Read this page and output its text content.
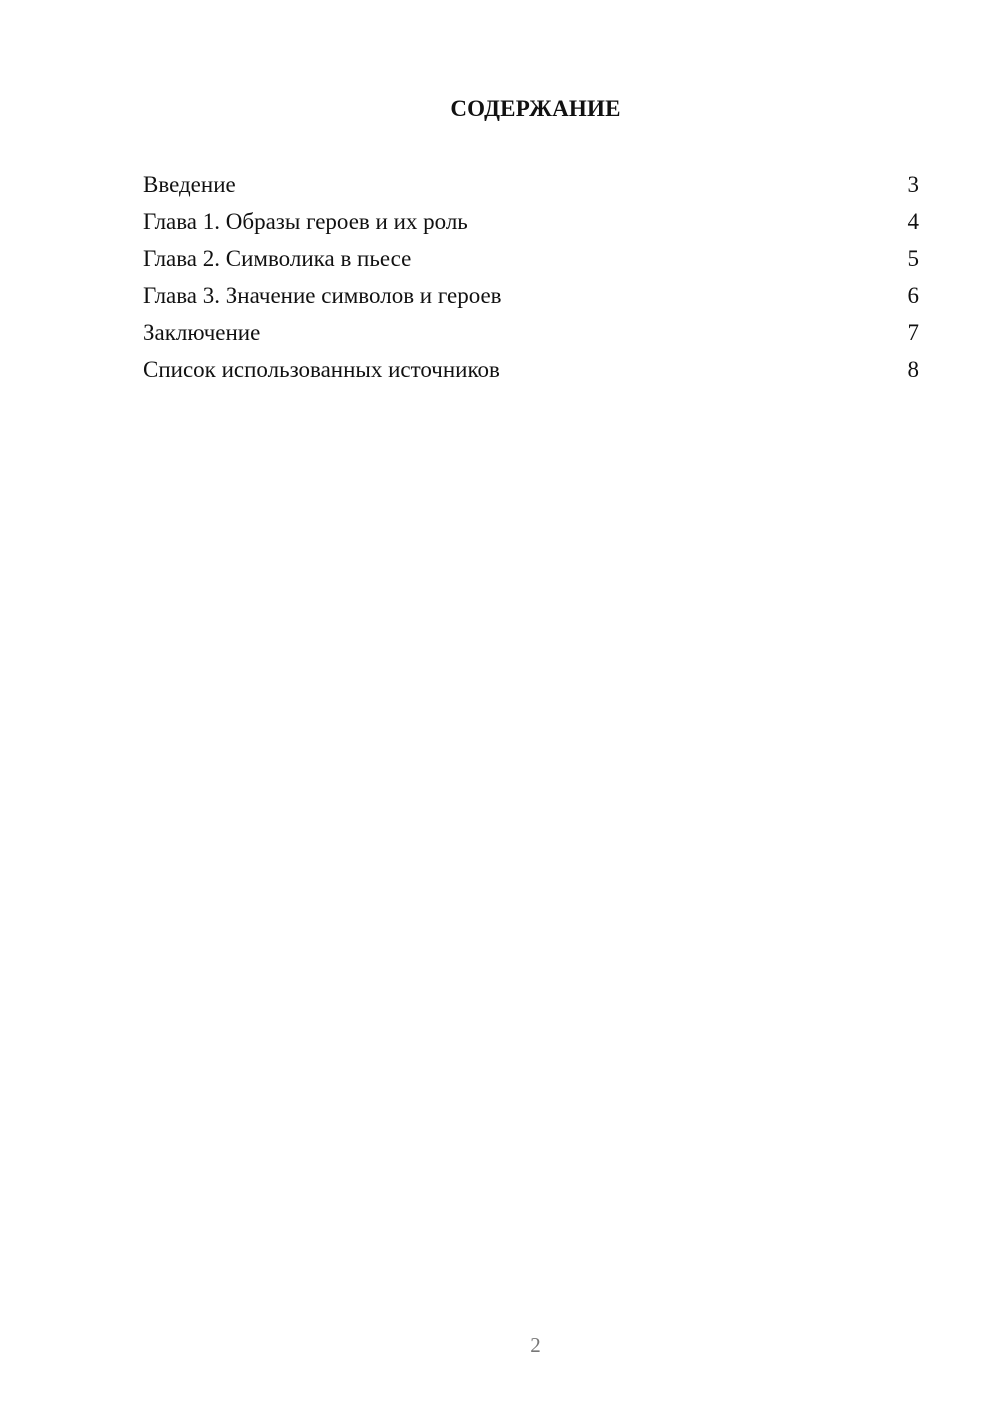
СОДЕРЖАНИЕ
Введение	3
Глава 1. Образы героев и их роль	4
Глава 2. Символика в пьесе	5
Глава 3. Значение символов и героев	6
Заключение	7
Список использованных источников	8
2
